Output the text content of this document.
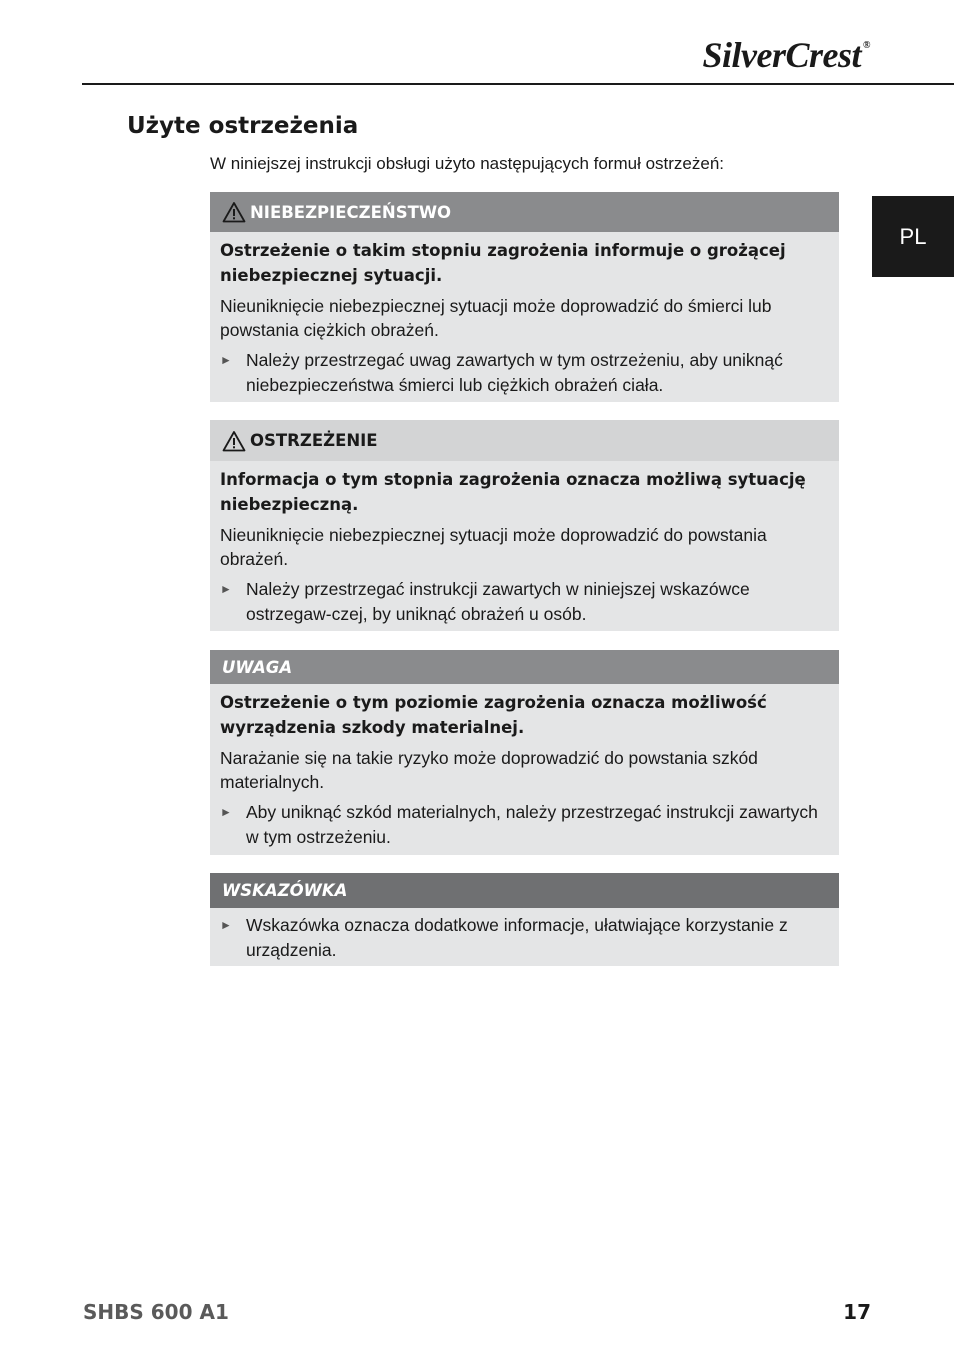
SilverCrest ®
PL
Użyte ostrzeżenia

W niniejszej instrukcji obsługi użyto następujących formuł ostrzeżeń:

NIEBEZPIECZEŃSTWO

Ostrzeżenie o takim stopniu zagrożenia informuje o grożącej niebezpiecznej sytuacji.

Nieuniknięcie niebezpiecznej sytuacji może doprowadzić do śmierci lub powstania ciężkich obrażeń.

► Należy przestrzegać uwag zawartych w tym ostrzeżeniu, aby uniknąć niebezpieczeństwa śmierci lub ciężkich obrażeń ciała.
OSTRZEŻENIE

Informacja o tym stopnia zagrożenia oznacza możliwą sytuację niebezpieczną.

Nieuniknięcie niebezpiecznej sytuacji może doprowadzić do powstania obrażeń.

► Należy przestrzegać instrukcji zawartych w niniejszej wskazówce ostrzegaw-czej, by uniknąć obrażeń u osób.
UWAGA

Ostrzeżenie o tym poziomie zagrożenia oznacza możliwość wyrządzenia szkody materialnej.

Narażanie się na takie ryzyko może doprowadzić do powstania szkód materialnych.

► Aby uniknąć szkód materialnych, należy przestrzegać instrukcji zawartych w tym ostrzeżeniu.
WSKAZÓWKA
► Wskazówka oznacza dodatkowe informacje, ułatwiające korzystanie z urządzenia.
SHBS 600 A1	17
